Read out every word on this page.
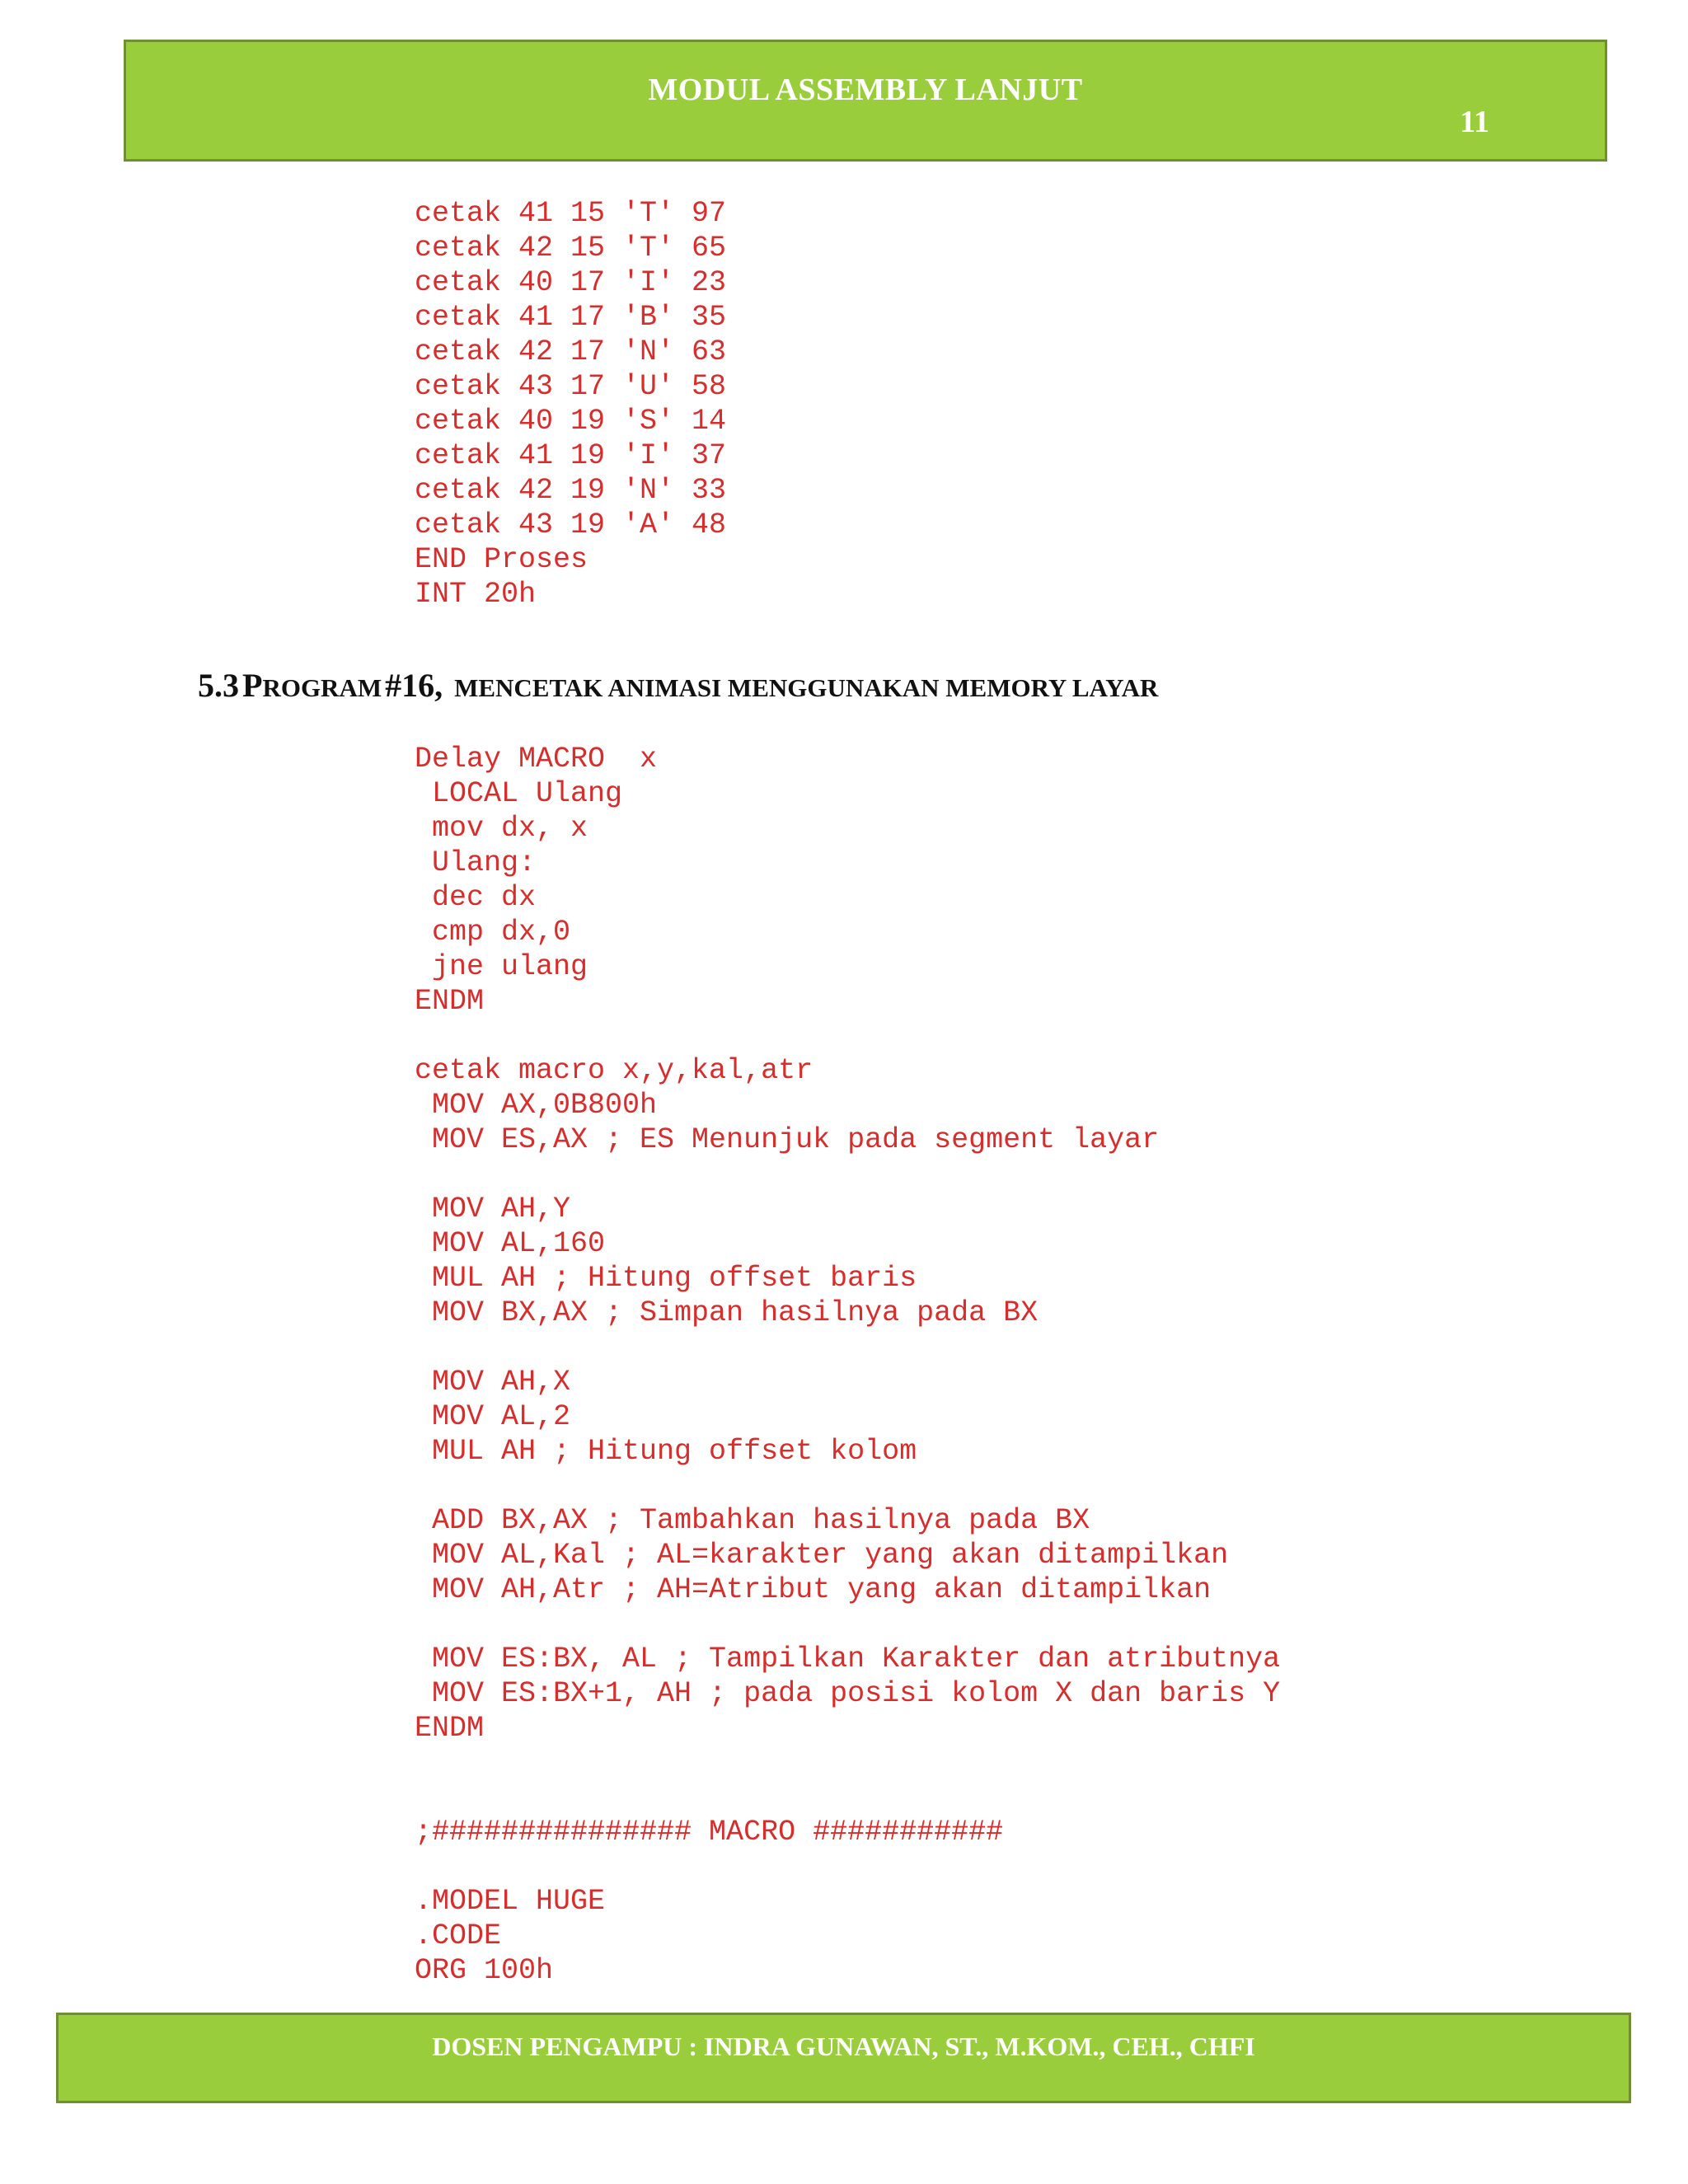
MODUL ASSEMBLY LANJUT
11
cetak 41 15 'T' 97
cetak 42 15 'T' 65
cetak 40 17 'I' 23
cetak 41 17 'B' 35
cetak 42 17 'N' 63
cetak 43 17 'U' 58
cetak 40 19 'S' 14
cetak 41 19 'I' 37
cetak 42 19 'N' 33
cetak 43 19 'A' 48
END Proses
INT 20h
5.3 PROGRAM #16, MENCETAK ANIMASI MENGGUNAKAN MEMORY LAYAR
Delay MACRO  x
LOCAL Ulang
mov dx, x
Ulang:
dec dx
cmp dx,0
jne ulang
ENDM
cetak macro x,y,kal,atr
MOV AX,0B800h
MOV ES,AX ; ES Menunjuk pada segment layar
MOV AH,Y
MOV AL,160
MUL AH ; Hitung offset baris
MOV BX,AX ; Simpan hasilnya pada BX
MOV AH,X
MOV AL,2
MUL AH ; Hitung offset kolom
ADD BX,AX ; Tambahkan hasilnya pada BX
MOV AL,Kal ; AL=karakter yang akan ditampilkan
MOV AH,Atr ; AH=Atribut yang akan ditampilkan
MOV ES:BX, AL ; Tampilkan Karakter dan atributnya
MOV ES:BX+1, AH ; pada posisi kolom X dan baris Y
ENDM
;############### MACRO ###########
.MODEL HUGE
.CODE
ORG 100h
DOSEN PENGAMPU : INDRA GUNAWAN, ST., M.KOM., CEH., CHFI
